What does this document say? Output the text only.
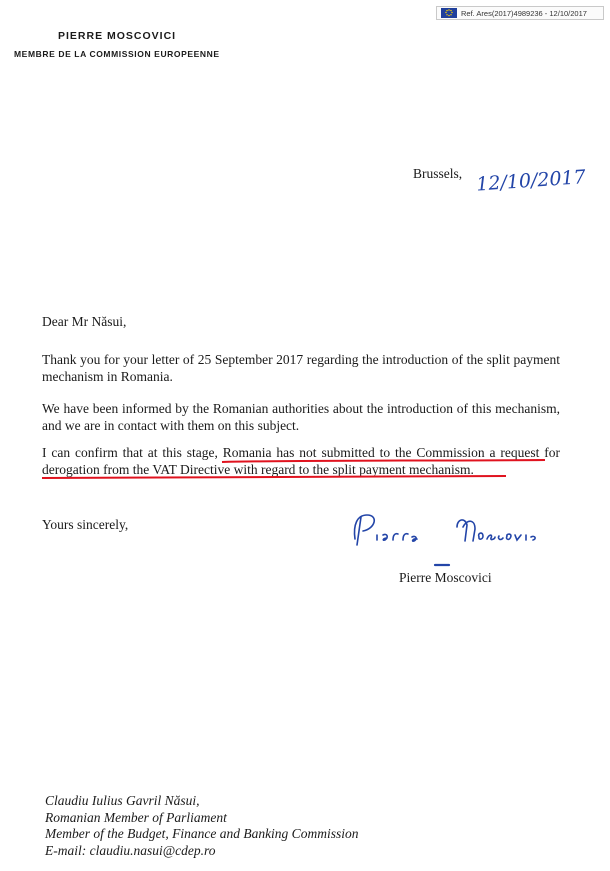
Ref. Ares(2017)4989236 - 12/10/2017
PIERRE MOSCOVICI
MEMBRE DE LA COMMISSION EUROPEENNE
Brussels, 12/10/2017
Dear Mr Năsui,
Thank you for your letter of 25 September 2017 regarding the introduction of the split payment mechanism in Romania.
We have been informed by the Romanian authorities about the introduction of this mechanism, and we are in contact with them on this subject.
I can confirm that at this stage, Romania has not submitted to the Commission a request for derogation from the VAT Directive with regard to the split payment mechanism.
Yours sincerely,
Pierre Moscovici
Claudiu Iulius Gavril Năsui,
Romanian Member of Parliament
Member of the Budget, Finance and Banking Commission
E-mail: claudiu.nasui@cdep.ro
